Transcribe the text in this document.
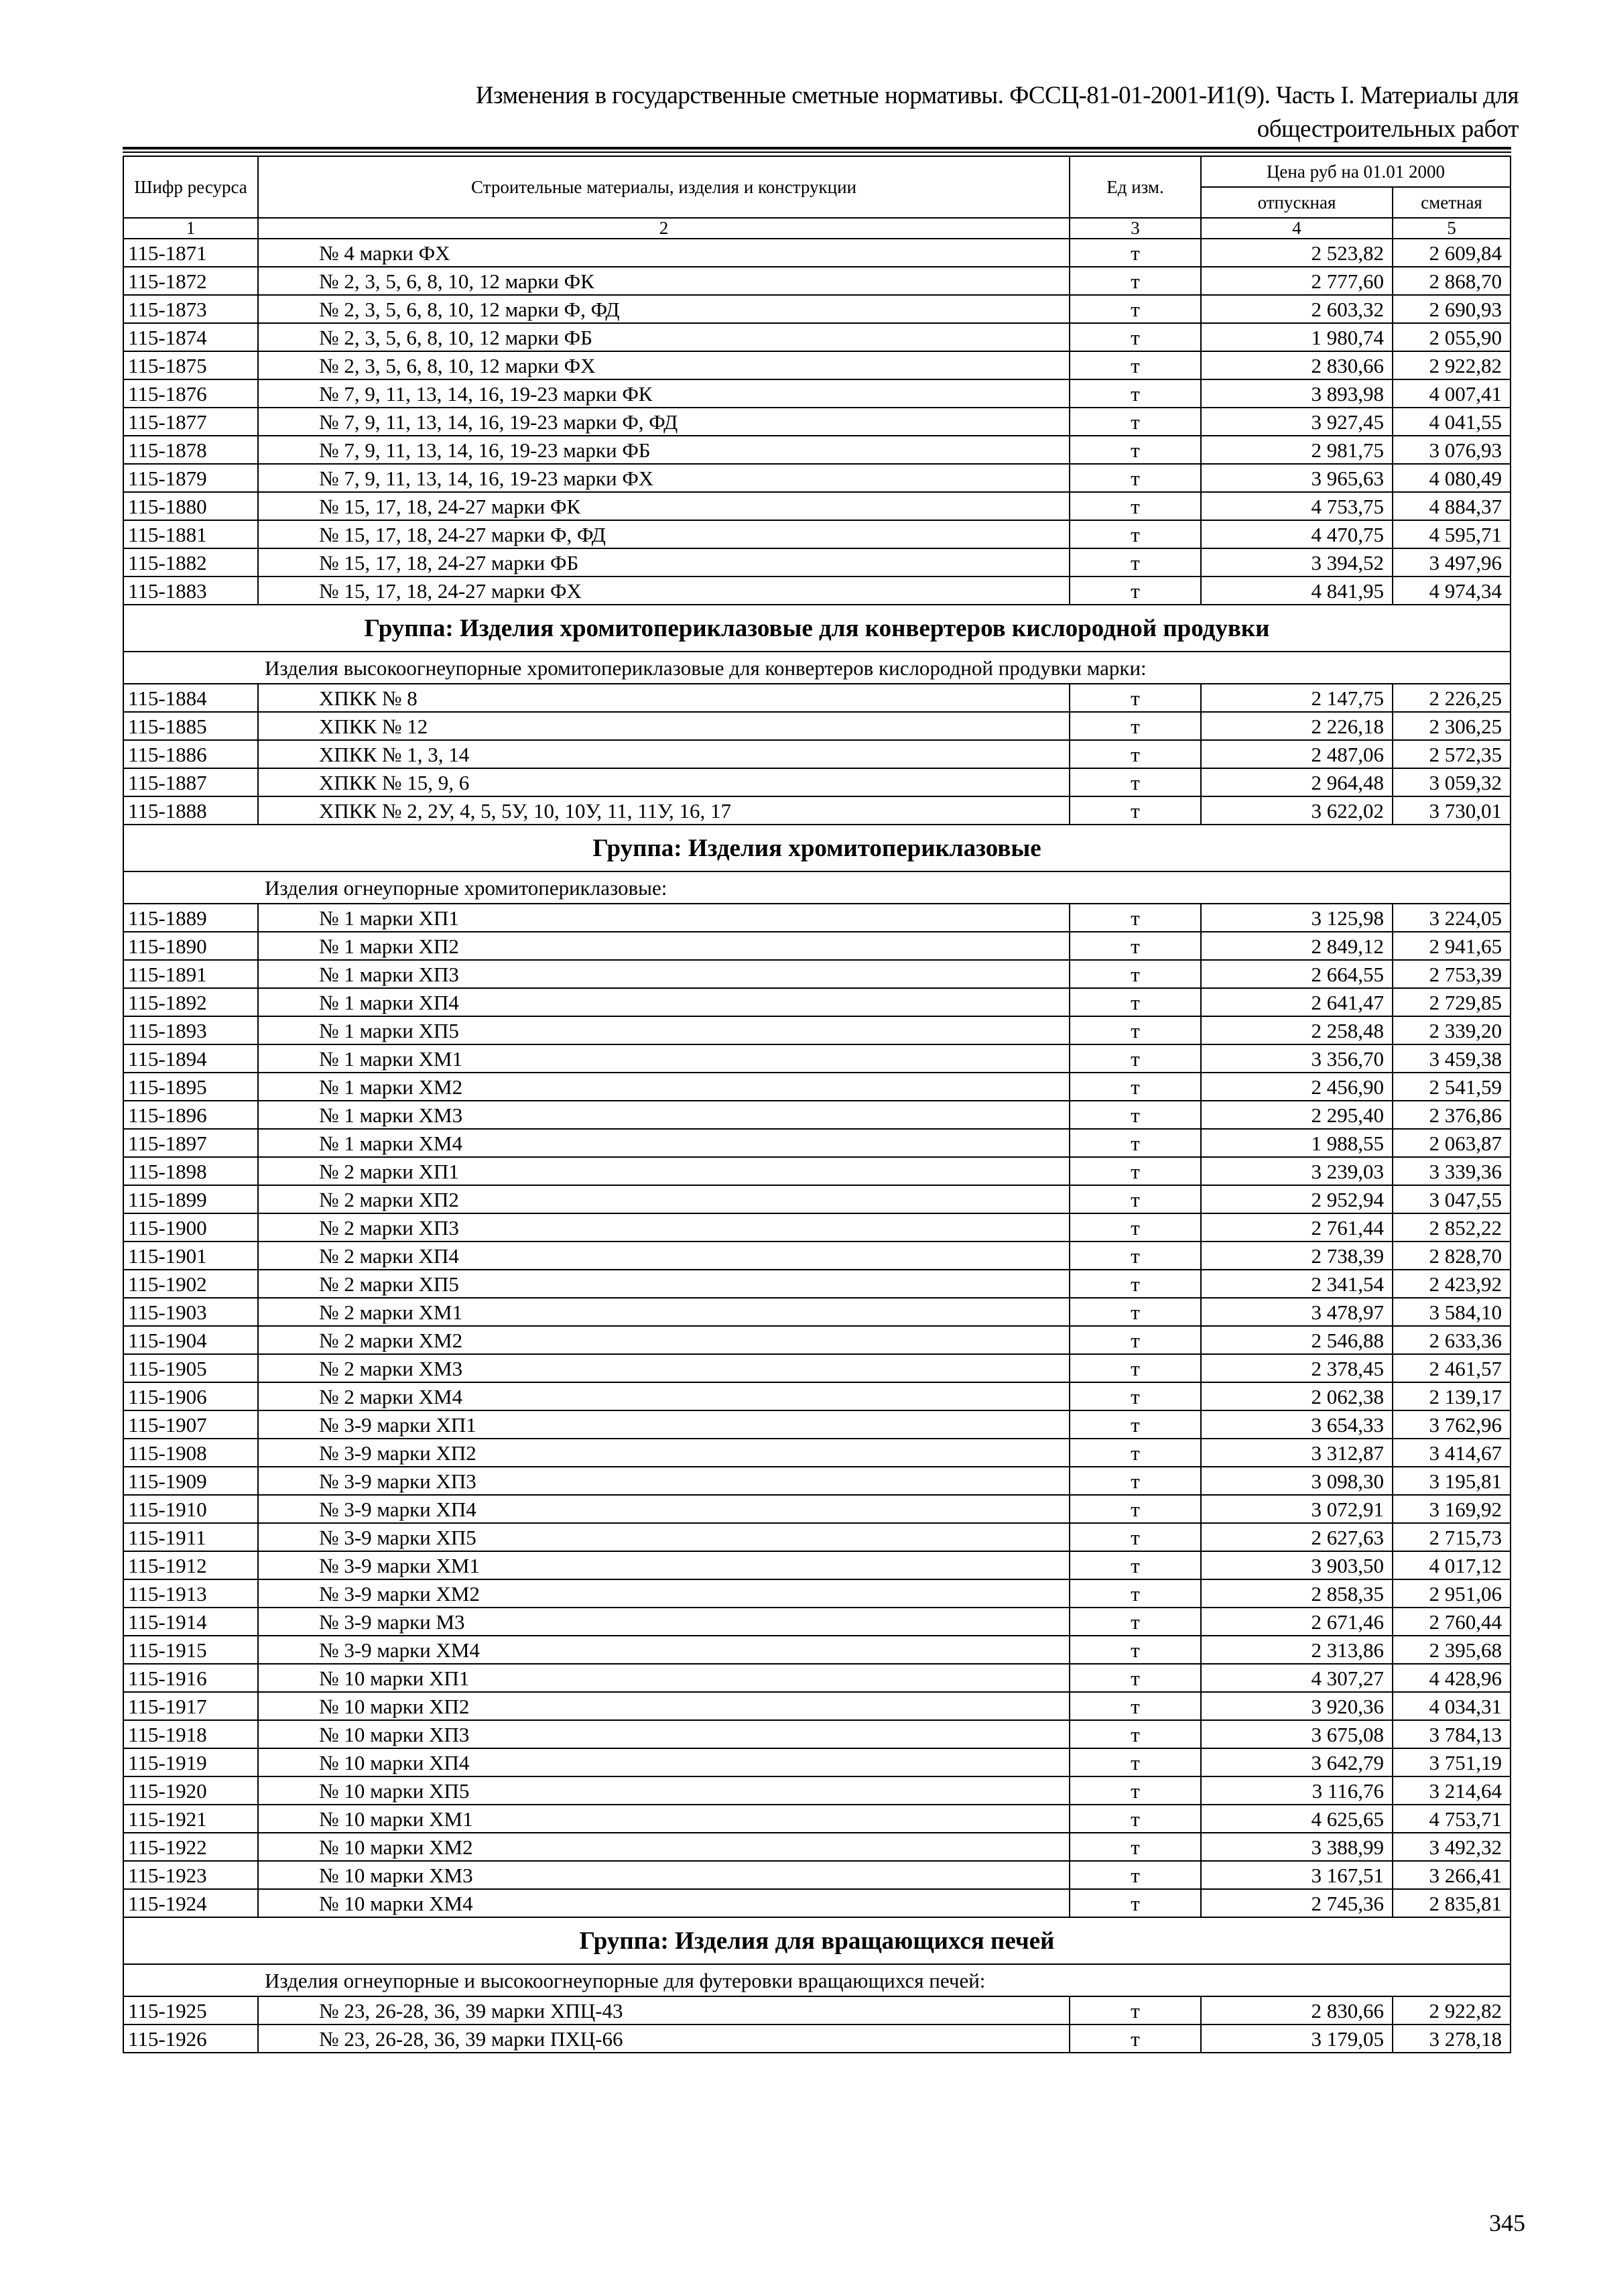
Изменения в государственные сметные нормативы. ФССЦ-81-01-2001-И1(9). Часть I. Материалы для
общестроительных работ
Шифр ресурса	Строительные материалы, изделия и конструкции	Ед изм.	Цена руб на 01.01 2000	
			отпускная	сметная
1	2	3	4	5
115-1871	№ 4 марки ФХ	т	2 523,82	2 609,84
115-1872	№ 2, 3, 5, 6, 8, 10, 12 марки ФК	т	2 777,60	2 868,70
115-1873	№ 2, 3, 5, 6, 8, 10, 12 марки Ф, ФД	т	2 603,32	2 690,93
115-1874	№ 2, 3, 5, 6, 8, 10, 12 марки ФБ	т	1 980,74	2 055,90
115-1875	№ 2, 3, 5, 6, 8, 10, 12 марки ФХ	т	2 830,66	2 922,82
115-1876	№ 7, 9, 11, 13, 14, 16, 19-23 марки ФК	т	3 893,98	4 007,41
115-1877	№ 7, 9, 11, 13, 14, 16, 19-23 марки Ф, ФД	т	3 927,45	4 041,55
115-1878	№ 7, 9, 11, 13, 14, 16, 19-23 марки ФБ	т	2 981,75	3 076,93
115-1879	№ 7, 9, 11, 13, 14, 16, 19-23 марки ФХ	т	3 965,63	4 080,49
115-1880	№ 15, 17, 18, 24-27 марки ФК	т	4 753,75	4 884,37
115-1881	№ 15, 17, 18, 24-27 марки Ф, ФД	т	4 470,75	4 595,71
115-1882	№ 15, 17, 18, 24-27 марки ФБ	т	3 394,52	3 497,96
115-1883	№ 15, 17, 18, 24-27 марки ФХ	т	4 841,95	4 974,34
Группа: Изделия хромитопериклазовые для конвертеров кислородной продувки				
Изделия высокоогнеупорные хромитопериклазовые для конвертеров кислородной продувки марки:				
115-1884	ХПКК № 8	т	2 147,75	2 226,25
115-1885	ХПКК № 12	т	2 226,18	2 306,25
115-1886	ХПКК № 1, 3, 14	т	2 487,06	2 572,35
115-1887	ХПКК № 15, 9, 6	т	2 964,48	3 059,32
115-1888	ХПКК № 2, 2У, 4, 5, 5У, 10, 10У, 11, 11У, 16, 17	т	3 622,02	3 730,01
Группа: Изделия хромитопериклазовые				
Изделия огнеупорные хромитопериклазовые:				
115-1889	№ 1 марки ХП1	т	3 125,98	3 224,05
115-1890	№ 1 марки ХП2	т	2 849,12	2 941,65
115-1891	№ 1 марки ХП3	т	2 664,55	2 753,39
115-1892	№ 1 марки ХП4	т	2 641,47	2 729,85
115-1893	№ 1 марки ХП5	т	2 258,48	2 339,20
115-1894	№ 1 марки ХМ1	т	3 356,70	3 459,38
115-1895	№ 1 марки ХМ2	т	2 456,90	2 541,59
115-1896	№ 1 марки ХМ3	т	2 295,40	2 376,86
115-1897	№ 1 марки ХМ4	т	1 988,55	2 063,87
115-1898	№ 2 марки ХП1	т	3 239,03	3 339,36
115-1899	№ 2 марки ХП2	т	2 952,94	3 047,55
115-1900	№ 2 марки ХП3	т	2 761,44	2 852,22
115-1901	№ 2 марки ХП4	т	2 738,39	2 828,70
115-1902	№ 2 марки ХП5	т	2 341,54	2 423,92
115-1903	№ 2 марки ХМ1	т	3 478,97	3 584,10
115-1904	№ 2 марки ХМ2	т	2 546,88	2 633,36
115-1905	№ 2 марки ХМ3	т	2 378,45	2 461,57
115-1906	№ 2 марки ХМ4	т	2 062,38	2 139,17
115-1907	№ 3-9 марки ХП1	т	3 654,33	3 762,96
115-1908	№ 3-9 марки ХП2	т	3 312,87	3 414,67
115-1909	№ 3-9 марки ХП3	т	3 098,30	3 195,81
115-1910	№ 3-9 марки ХП4	т	3 072,91	3 169,92
115-1911	№ 3-9 марки ХП5	т	2 627,63	2 715,73
115-1912	№ 3-9 марки ХМ1	т	3 903,50	4 017,12
115-1913	№ 3-9 марки ХМ2	т	2 858,35	2 951,06
115-1914	№ 3-9 марки М3	т	2 671,46	2 760,44
115-1915	№ 3-9 марки ХМ4	т	2 313,86	2 395,68
115-1916	№ 10 марки ХП1	т	4 307,27	4 428,96
115-1917	№ 10 марки ХП2	т	3 920,36	4 034,31
115-1918	№ 10 марки ХП3	т	3 675,08	3 784,13
115-1919	№ 10 марки ХП4	т	3 642,79	3 751,19
115-1920	№ 10 марки ХП5	т	3 116,76	3 214,64
115-1921	№ 10 марки ХМ1	т	4 625,65	4 753,71
115-1922	№ 10 марки ХМ2	т	3 388,99	3 492,32
115-1923	№ 10 марки ХМ3	т	3 167,51	3 266,41
115-1924	№ 10 марки ХМ4	т	2 745,36	2 835,81
Группа: Изделия для вращающихся печей				
Изделия огнеупорные и высокоогнеупорные для футеровки вращающихся печей:				
115-1925	№ 23, 26-28, 36, 39 марки ХПЦ-43	т	2 830,66	2 922,82
115-1926	№ 23, 26-28, 36, 39 марки ПХЦ-66	т	3 179,05	3 278,18
345
